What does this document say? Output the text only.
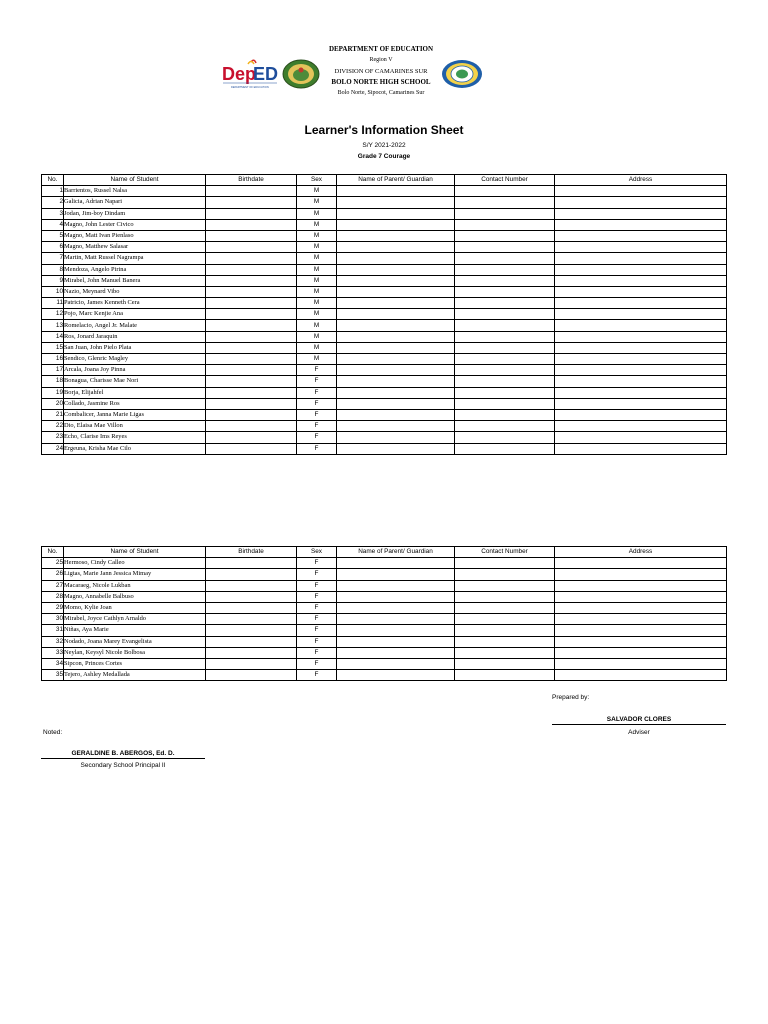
Dep
ED
DEPARTMENT OF EDUCATION
DEPARTMENT OF EDUCATION
Region V
DIVISION OF CAMARINES SUR
BOLO NORTE HIGH SCHOOL
Bolo Norte, Sipocot, Camarines Sur
Learner's Information Sheet
S/Y 2021-2022
Grade 7 Courage
No.	Name of Student	Birthdate	Sex	Name of Parent/ Guardian	Contact Number	Address
1	Barrientos, Russel Nalsa		M			
2	Galicia, Adrian Napari		M			
3	Jodan, Jim-boy Dindam		M			
4	Magno, John Lester Civico		M			
5	Magno, Matt Ivan Pienlaso		M			
6	Magno, Matthew Salasar		M			
7	Martin, Matt Russel Nagrampa		M			
8	Mendoza, Angelo Pirina		M			
9	Mirabel, John Manuel Banera		M			
10	Nazio, Meynard Vibo		M			
11	Patricio, James Kenneth Cera		M			
12	Pojo, Marc Kenjie Ana		M			
13	Romelacio, Angel Jr. Malate		M			
14	Ros, Jonard Jaraquin		M			
15	San Juan, John Pielo Plata		M			
16	Sendico, Glenric Magley		M			
17	Arcala, Joana Joy Pinna		F			
18	Bonagua, Charisse Mae Nori		F			
19	Borja, Elijahfel		F			
20	Collado, Jasmine Ros		F			
21	Combalicer, Janna Marie Ligas		F			
22	Dio, Elaisa Mae Villon		F			
23	Echo, Clarise Ims Reyes		F			
24	Ergeuna, Krisha Mae Cilo		F			
No.	Name of Student	Birthdate	Sex	Name of Parent/ Guardian	Contact Number	Address
25	Hermoso, Cindy Calleo		F			
26	Ligtas, Marie Jann Jessica Mimay		F			
27	Macaraeg, Nicole Lukban		F			
28	Magno, Annabelle Balbuso		F			
29	Momo, Kylie Joan		F			
30	Mirabel, Joyce Cathlyn Arnaldo		F			
31	Niñas, Aya Marie		F			
32	Nodado, Joana Marey Evangelista		F			
33	Neylan, Keysyl Nicole Bolbosa		F			
34	Sipcon, Princes Cortes		F			
35	Tejero, Ashley Medallada		F			
Prepared by:
SALVADOR CLORES
Adviser
Noted:
GERALDINE B. ABERGOS, Ed. D.
Secondary School Principal II
